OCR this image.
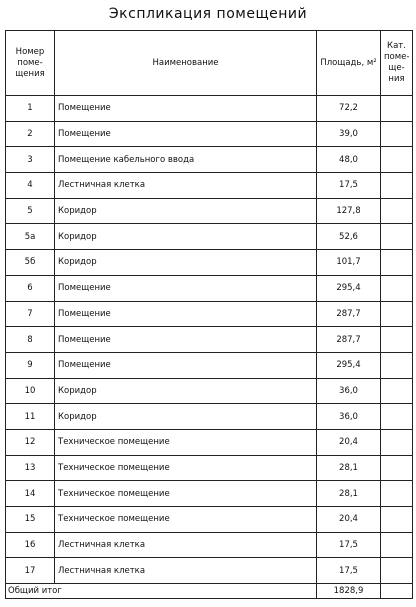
Экспликация помещений
Номер поме- щения	Наименование	Площадь, м²	Кат. поме- ще- ния
1	Помещение	72,2	
2	Помещение	39,0	
3	Помещение кабельного ввода	48,0	
4	Лестничная клетка	17,5	
5	Коридор	127,8	
5а	Коридор	52,6	
5б	Коридор	101,7	
6	Помещение	295,4	
7	Помещение	287,7	
8	Помещение	287,7	
9	Помещение	295,4	
10	Коридор	36,0	
11	Коридор	36,0	
12	Техническое помещение	20,4	
13	Техническое помещение	28,1	
14	Техническое помещение	28,1	
15	Техническое помещение	20,4	
16	Лестничная клетка	17,5	
17	Лестничная клетка	17,5	
Общий итог		1828,9	
